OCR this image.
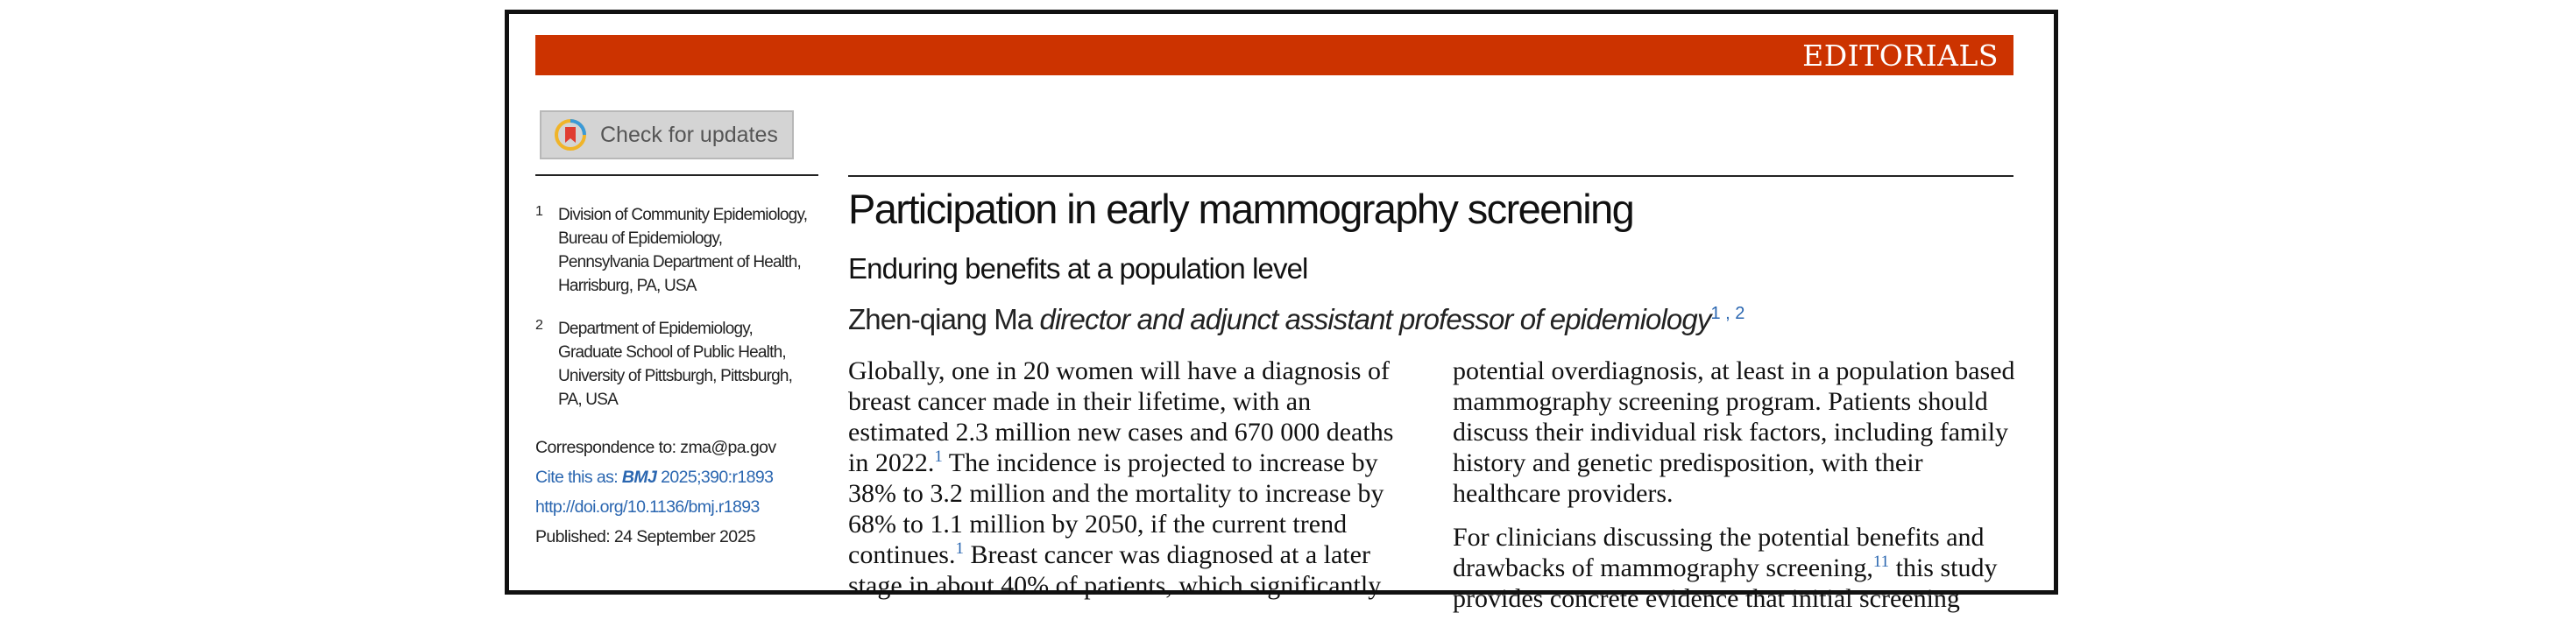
EDITORIALS
Check for updates
1 Division of Community Epidemiology,
Bureau of Epidemiology,
Pennsylvania Department of Health,
Harrisburg, PA, USA
2 Department of Epidemiology,
Graduate School of Public Health,
University of Pittsburgh, Pittsburgh,
PA, USA
Correspondence to: zma@pa.gov
Cite this as: BMJ 2025;390:r1893
http://doi.org/10.1136/bmj.r1893
Published: 24 September 2025
Participation in early mammography screening
Enduring benefits at a population level
Zhen-qiang Ma director and adjunct assistant professor of epidemiology$^{1 , 2}$

Globally, one in 20 women will have a diagnosis of
breast cancer made in their lifetime, with an
estimated 2.3 million new cases and 670 000 deaths
in 2022.$^1$ The incidence is projected to increase by
38% to 3.2 million and the mortality to increase by
68% to 1.1 million by 2050, if the current trend
continues.$^1$ Breast cancer was diagnosed at a later
stage in about 40% of patients, which significantly

potential overdiagnosis, at least in a population based
mammography screening program. Patients should
discuss their individual risk factors, including family
history and genetic predisposition, with their
healthcare providers.

For clinicians discussing the potential benefits and
drawbacks of mammography screening,$^{11}$ this study
provides concrete evidence that initial screening
